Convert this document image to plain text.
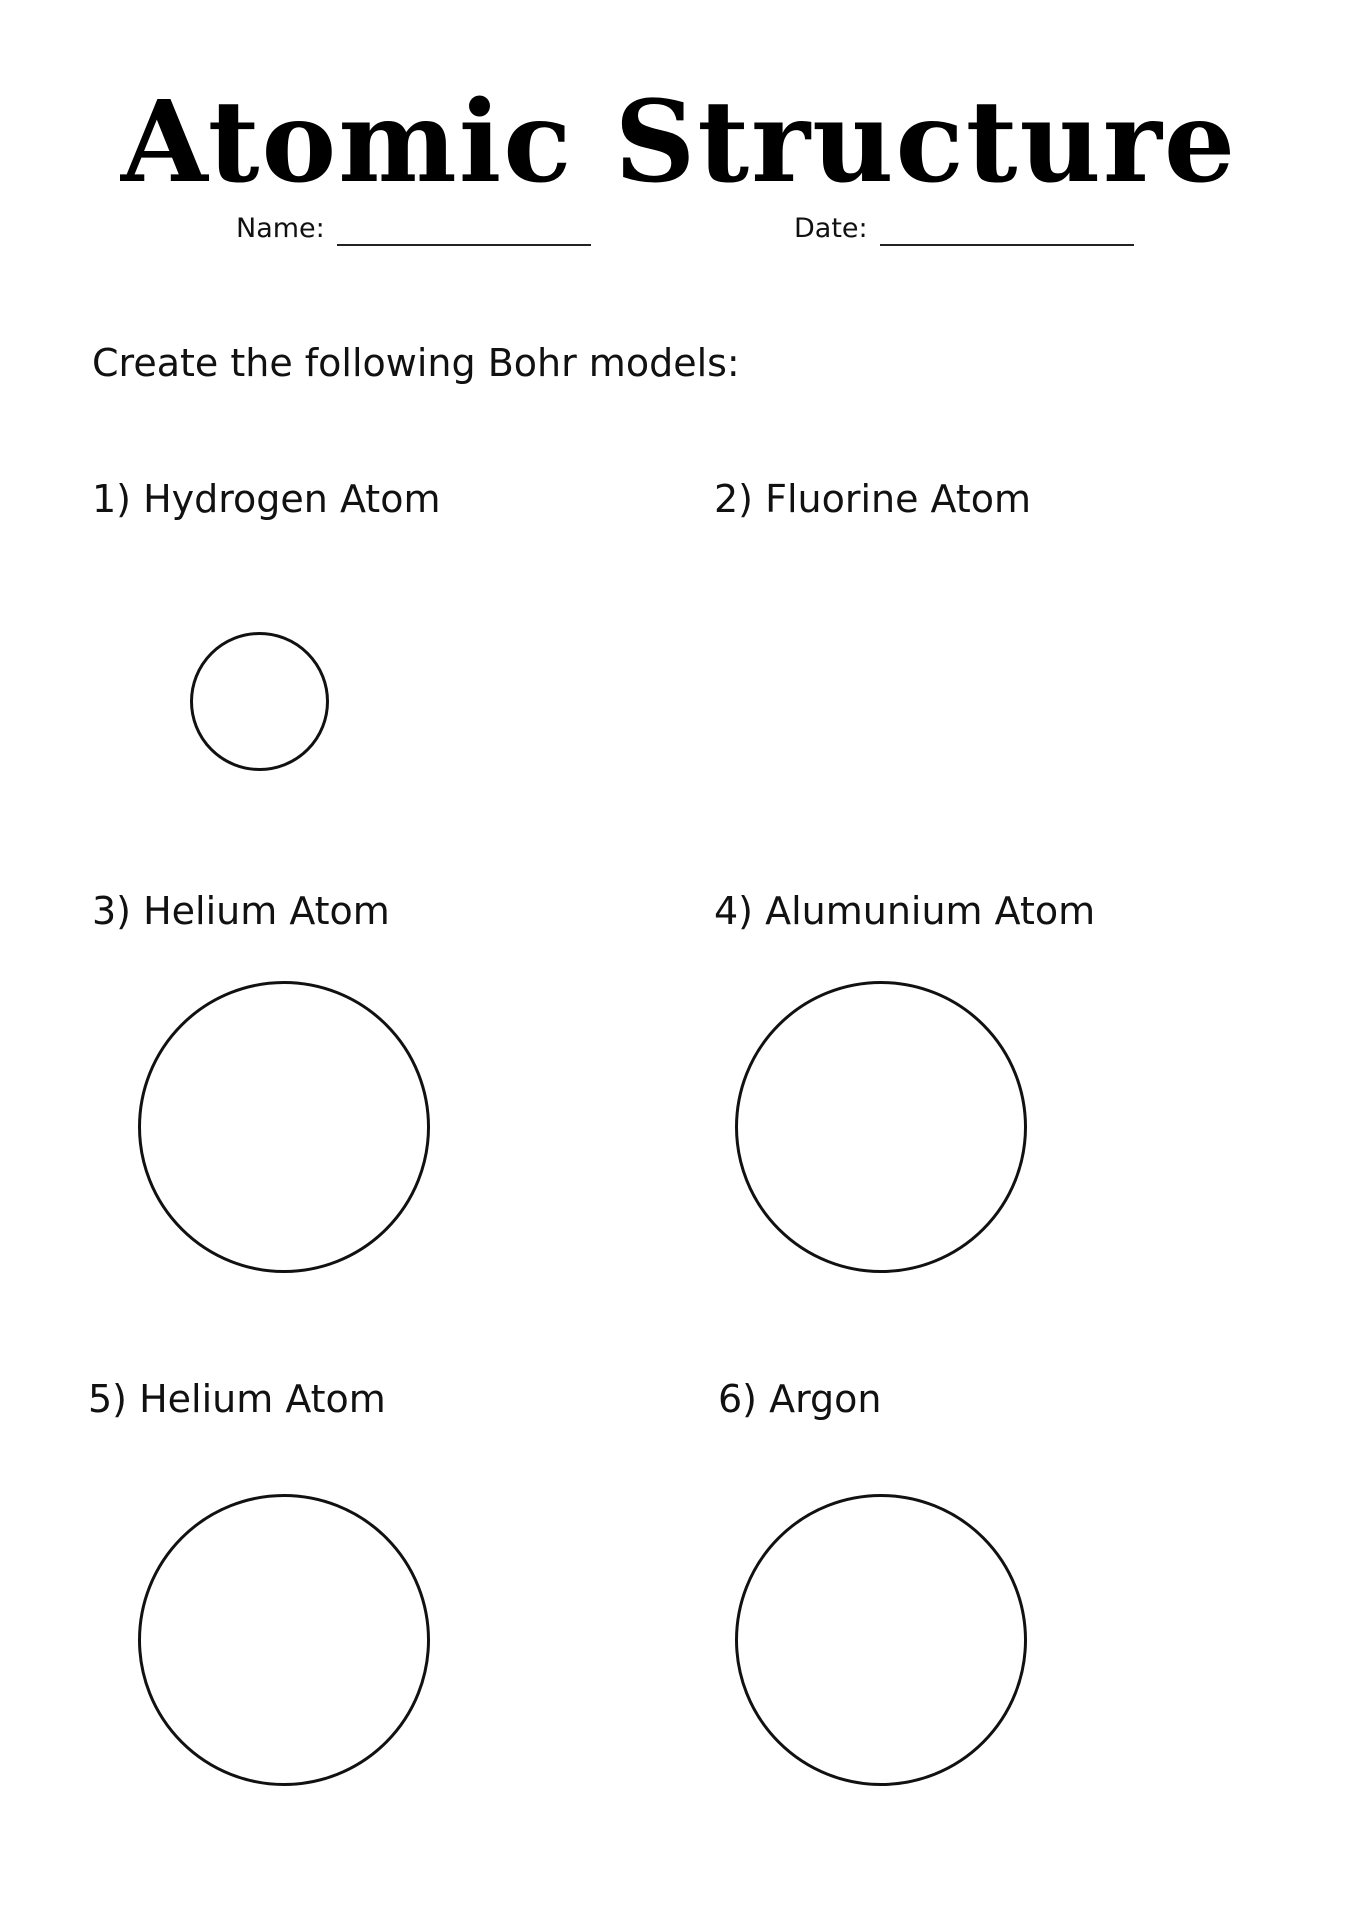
Atomic Structure
Name:	Date:
Create the following Bohr models:
1) Hydrogen Atom	2) Fluorine Atom
3) Helium Atom	4) Alumunium Atom
5) Helium Atom	6) Argon
